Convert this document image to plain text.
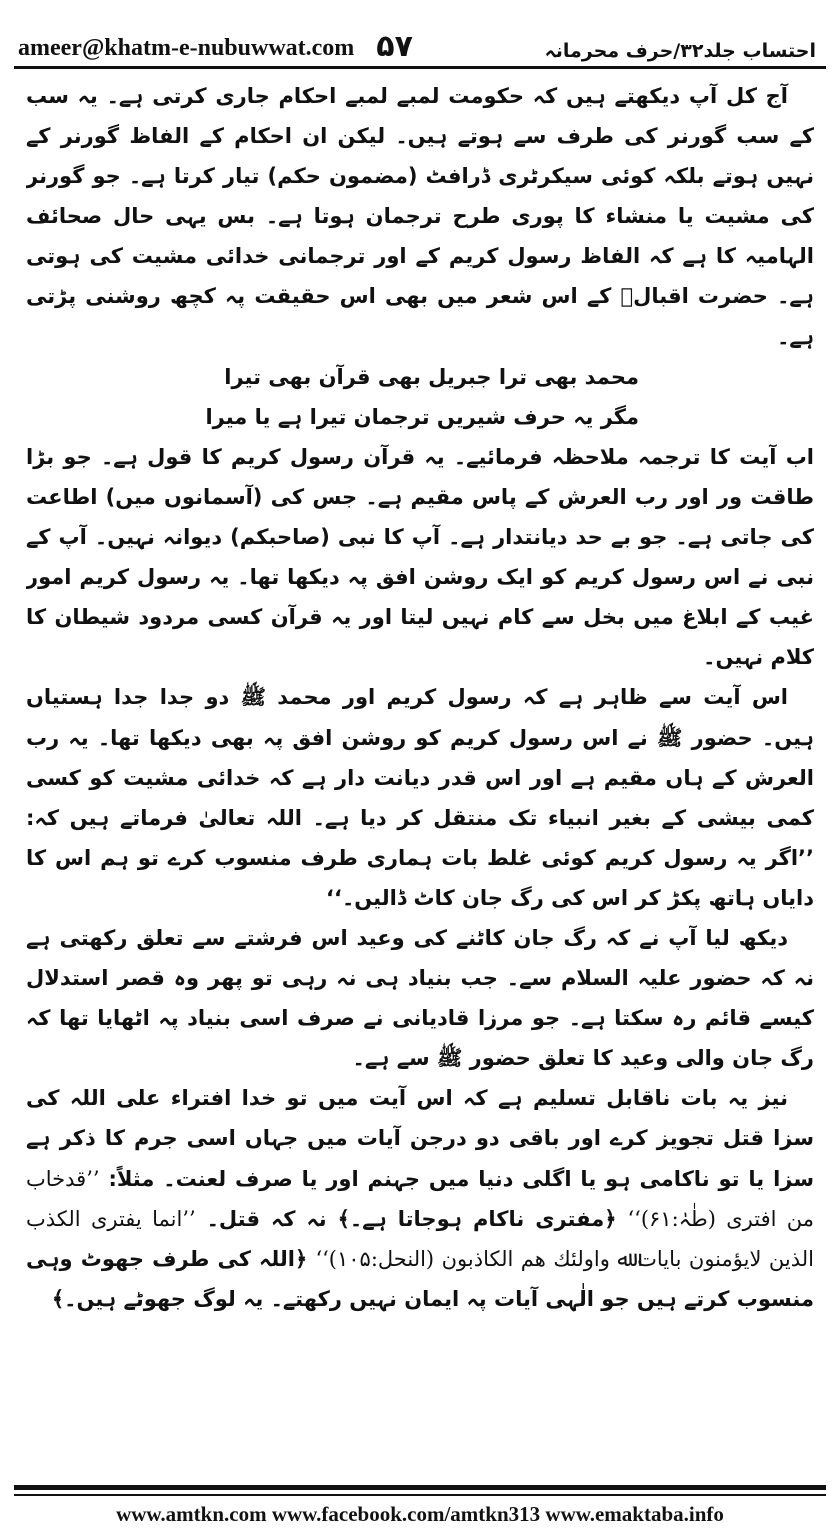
ameer@khatm-e-nubuwwat.com ۵۷	احتساب جلد۳۲/حرف محرمانہ

آج کل آپ دیکھتے ہیں کہ حکومت لمبے لمبے احکام جاری کرتی ہے۔ یہ سب کے سب گورنر کی طرف سے ہوتے ہیں۔ لیکن ان احکام کے الفاظ گورنر کے نہیں ہوتے بلکہ کوئی سیکرٹری ڈرافٹ (مضمون حکم) تیار کرتا ہے۔ جو گورنر کی مشیت یا منشاء کا پوری طرح ترجمان ہوتا ہے۔ بس یہی حال صحائف الہامیہ کا ہے کہ الفاظ رسول کریم کے اور ترجمانی خدائی مشیت کی ہوتی ہے۔ حضرت اقبالؒ کے اس شعر میں بھی اس حقیقت پہ کچھ روشنی پڑتی ہے۔

محمد بھی ترا جبریل بھی قرآن بھی تیرا

مگر یہ حرف شیریں ترجمان تیرا ہے یا میرا

اب آیت کا ترجمہ ملاحظہ فرمائیے۔ یہ قرآن رسول کریم کا قول ہے۔ جو بڑا طاقت ور اور رب العرش کے پاس مقیم ہے۔ جس کی (آسمانوں میں) اطاعت کی جاتی ہے۔ جو بے حد دیانتدار ہے۔ آپ کا نبی (صاحبکم) دیوانہ نہیں۔ آپ کے نبی نے اس رسول کریم کو ایک روشن افق پہ دیکھا تھا۔ یہ رسول کریم امور غیب کے ابلاغ میں بخل سے کام نہیں لیتا اور یہ قرآن کسی مردود شیطان کا کلام نہیں۔

اس آیت سے ظاہر ہے کہ رسول کریم اور محمد ﷺ دو جدا جدا ہستیاں ہیں۔ حضور ﷺ نے اس رسول کریم کو روشن افق پہ بھی دیکھا تھا۔ یہ رب العرش کے ہاں مقیم ہے اور اس قدر دیانت دار ہے کہ خدائی مشیت کو کسی کمی بیشی کے بغیر انبیاء تک منتقل کر دیا ہے۔ اللہ تعالیٰ فرماتے ہیں کہ: ’’اگر یہ رسول کریم کوئی غلط بات ہماری طرف منسوب کرے تو ہم اس کا دایاں ہاتھ پکڑ کر اس کی رگ جان کاٹ ڈالیں۔‘‘

دیکھ لیا آپ نے کہ رگ جان کاٹنے کی وعید اس فرشتے سے تعلق رکھتی ہے نہ کہ حضور علیہ السلام سے۔ جب بنیاد ہی نہ رہی تو پھر وہ قصر استدلال کیسے قائم رہ سکتا ہے۔ جو مرزا قادیانی نے صرف اسی بنیاد پہ اٹھایا تھا کہ رگ جان والی وعید کا تعلق حضور ﷺ سے ہے۔

نیز یہ بات ناقابل تسلیم ہے کہ اس آیت میں تو خدا افتراء علی اللہ کی سزا قتل تجویز کرے اور باقی دو درجن آیات میں جہاں اسی جرم کا ذکر ہے سزا یا تو ناکامی ہو یا اگلی دنیا میں جہنم اور یا صرف لعنت۔ مثلاً: ’’قدخاب من افتری (طٰہٰ:۶۱)‘‘ ﴿مفتری ناکام ہوجاتا ہے۔﴾ نہ کہ قتل۔ ’’انما یفتری الکذب الذین لایؤمنون بایات ﷲ واولئك هم الکاذبون (النحل:۱۰۵)‘‘ ﴿اللہ کی طرف جھوٹ وہی منسوب کرتے ہیں جو الٰہی آیات پہ ایمان نہیں رکھتے۔ یہ لوگ جھوٹے ہیں۔﴾

www.amtkn.com www.facebook.com/amtkn313 www.emaktaba.info
